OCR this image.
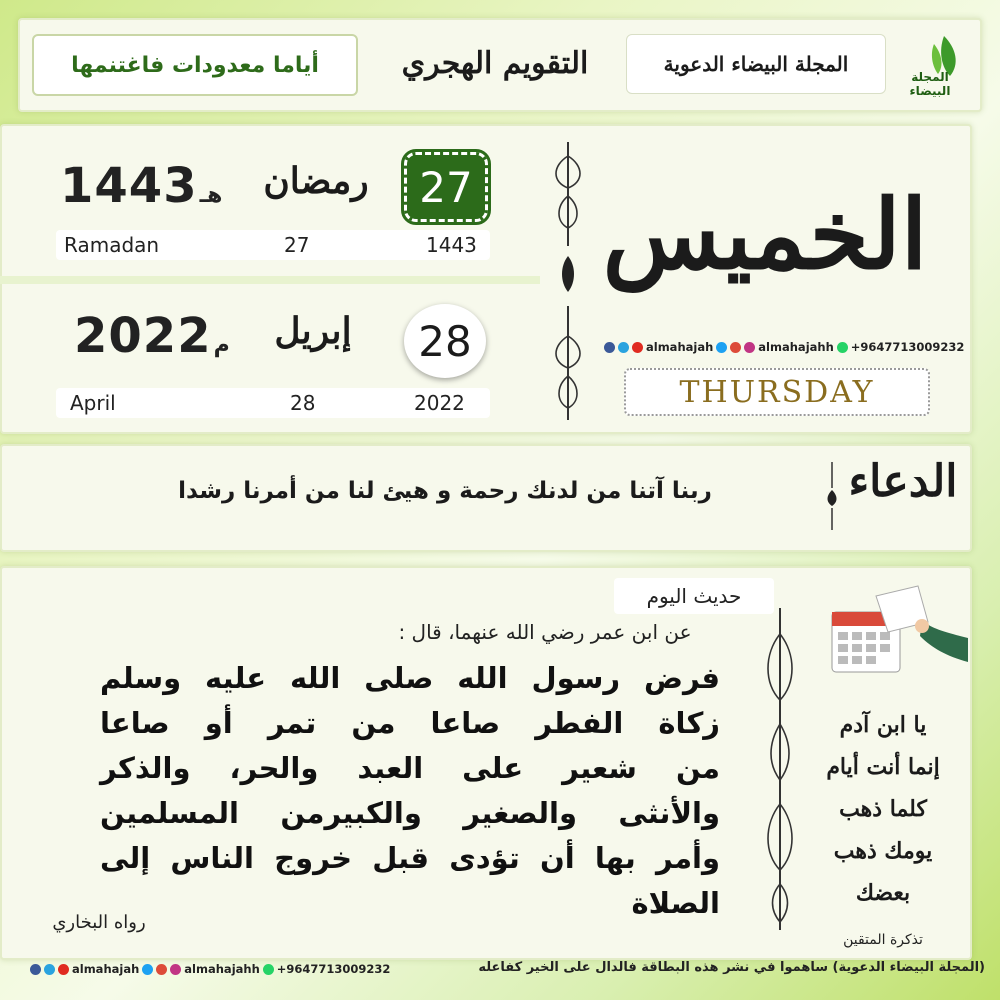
أياما معدودات فاغتنمها	التقويم الهجري	المجلة البيضاء الدعوية
المجلة البيضاء
1443 هـ	رمضان	27
Ramadan	27	1443
2022 م	إبريل	28
April	28	2022
الخميس
almahajah	almahajahh +9647713009232
THURSDAY
ربنا آتنا من لدنك رحمة و هيئ لنا من أمرنا رشدا	الدعاء
حديث اليوم
عن ابن عمر رضي الله عنهما، قال :
فرض رسول الله صلى الله عليه وسلم
زكاة الفطر صاعا من تمر أو صاعا
من شعير على العبد والحر، والذكر
والأنثى والصغير والكبيرمن المسلمين
وأمر بها أن تؤدى قبل خروج الناس إلى
الصلاة
رواه البخاري
يا ابن آدم
إنما أنت أيام
كلما ذهب
يومك ذهب
بعضك
تذكرة المتقين
almahajah	almahajahh +9647713009232	(المجلة البيضاء الدعوية) ساهموا في نشر هذه البطاقة فالدال على الخير كفاعله
